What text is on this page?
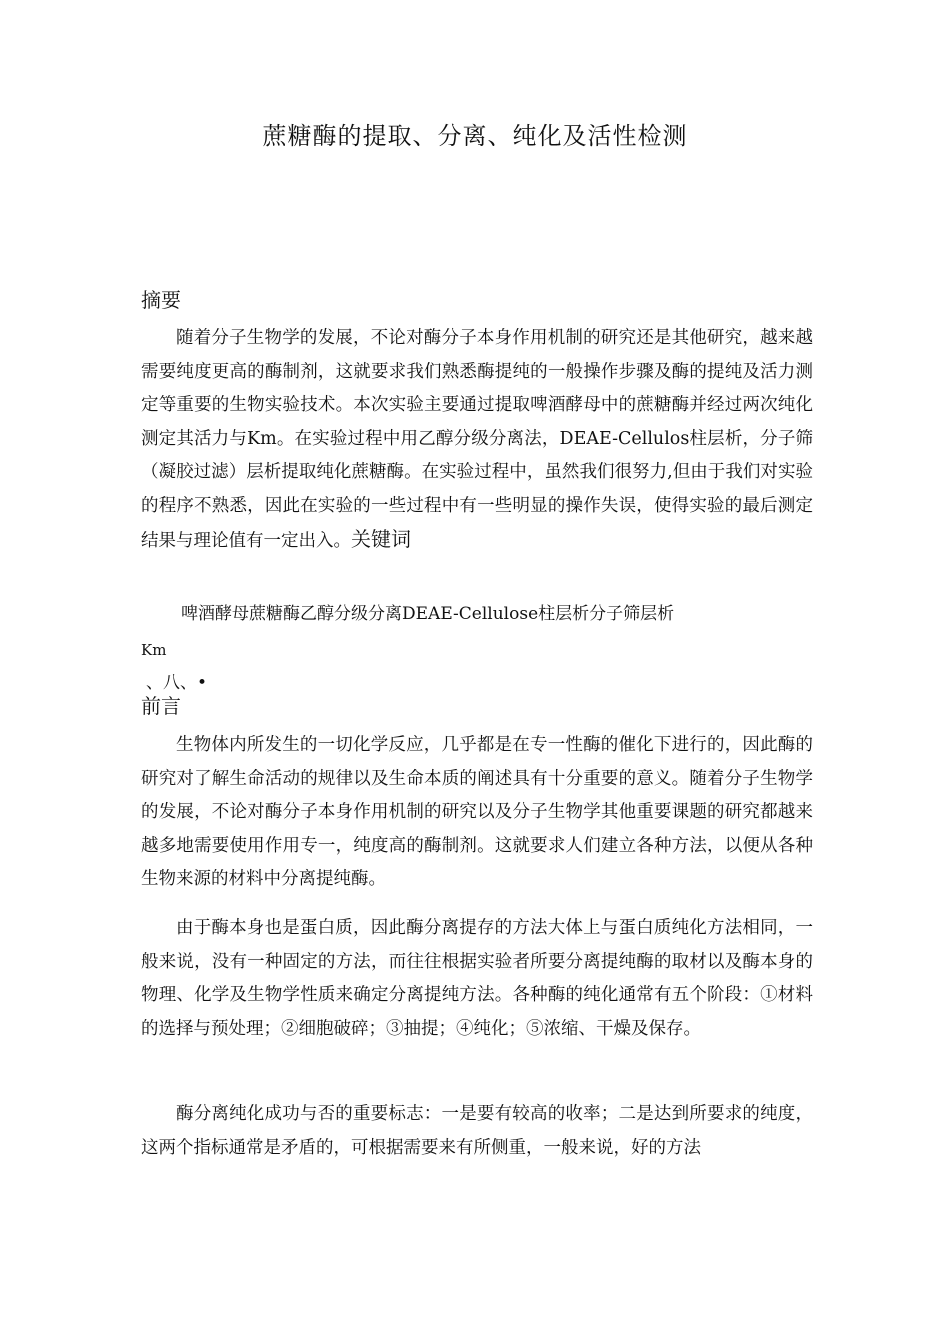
蔗糖酶的提取、分离、纯化及活性检测
摘要

随着分子生物学的发展，不论对酶分子本身作用机制的研究还是其他研究，越来越需要纯度更高的酶制剂，这就要求我们熟悉酶提纯的一般操作步骤及酶的提纯及活力测定等重要的生物实验技术。本次实验主要通过提取啤酒酵母中的蔗糖酶并经过两次纯化测定其活力与Km。在实验过程中用乙醇分级分离法，DEAE-Cellulos柱层析，分子筛（凝胶过滤）层析提取纯化蔗糖酶。在实验过程中，虽然我们很努力,但由于我们对实验的程序不熟悉，因此在实验的一些过程中有一些明显的操作失误，使得实验的最后测定结果与理论值有一定出入。关键词

啤酒酵母蔗糖酶乙醇分级分离DEAE-Cellulose柱层析分子筛层析

Km

、八、•

前言

生物体内所发生的一切化学反应，几乎都是在专一性酶的催化下进行的，因此酶的研究对了解生命活动的规律以及生命本质的阐述具有十分重要的意义。随着分子生物学的发展，不论对酶分子本身作用机制的研究以及分子生物学其他重要课题的研究都越来越多地需要使用作用专一，纯度高的酶制剂。这就要求人们建立各种方法，以便从各种生物来源的材料中分离提纯酶。

由于酶本身也是蛋白质，因此酶分离提存的方法大体上与蛋白质纯化方法相同，一般来说，没有一种固定的方法，而往往根据实验者所要分离提纯酶的取材以及酶本身的物理、化学及生物学性质来确定分离提纯方法。各种酶的纯化通常有五个阶段：①材料的选择与预处理；②细胞破碎；③抽提；④纯化；⑤浓缩、干燥及保存。

酶分离纯化成功与否的重要标志：一是要有较高的收率；二是达到所要求的纯度，这两个指标通常是矛盾的，可根据需要来有所侧重，一般来说，好的方法
